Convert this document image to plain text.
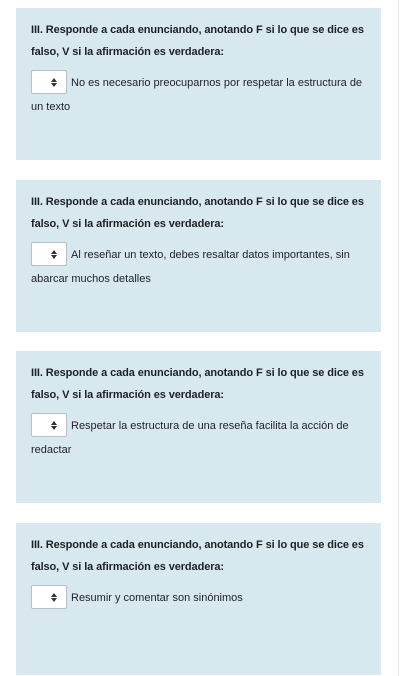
III. Responde a cada enunciando, anotando F si lo que se dice es falso, V si la afirmación es verdadera:

No es necesario preocuparnos por respetar la estructura de un texto

III. Responde a cada enunciando, anotando F si lo que se dice es falso, V si la afirmación es verdadera:

Al reseñar un texto, debes resaltar datos importantes, sin abarcar muchos detalles

III. Responde a cada enunciando, anotando F si lo que se dice es falso, V si la afirmación es verdadera:

Respetar la estructura de una reseña facilita la acción de redactar

III. Responde a cada enunciando, anotando F si lo que se dice es falso, V si la afirmación es verdadera:

Resumir y comentar son sinónimos
